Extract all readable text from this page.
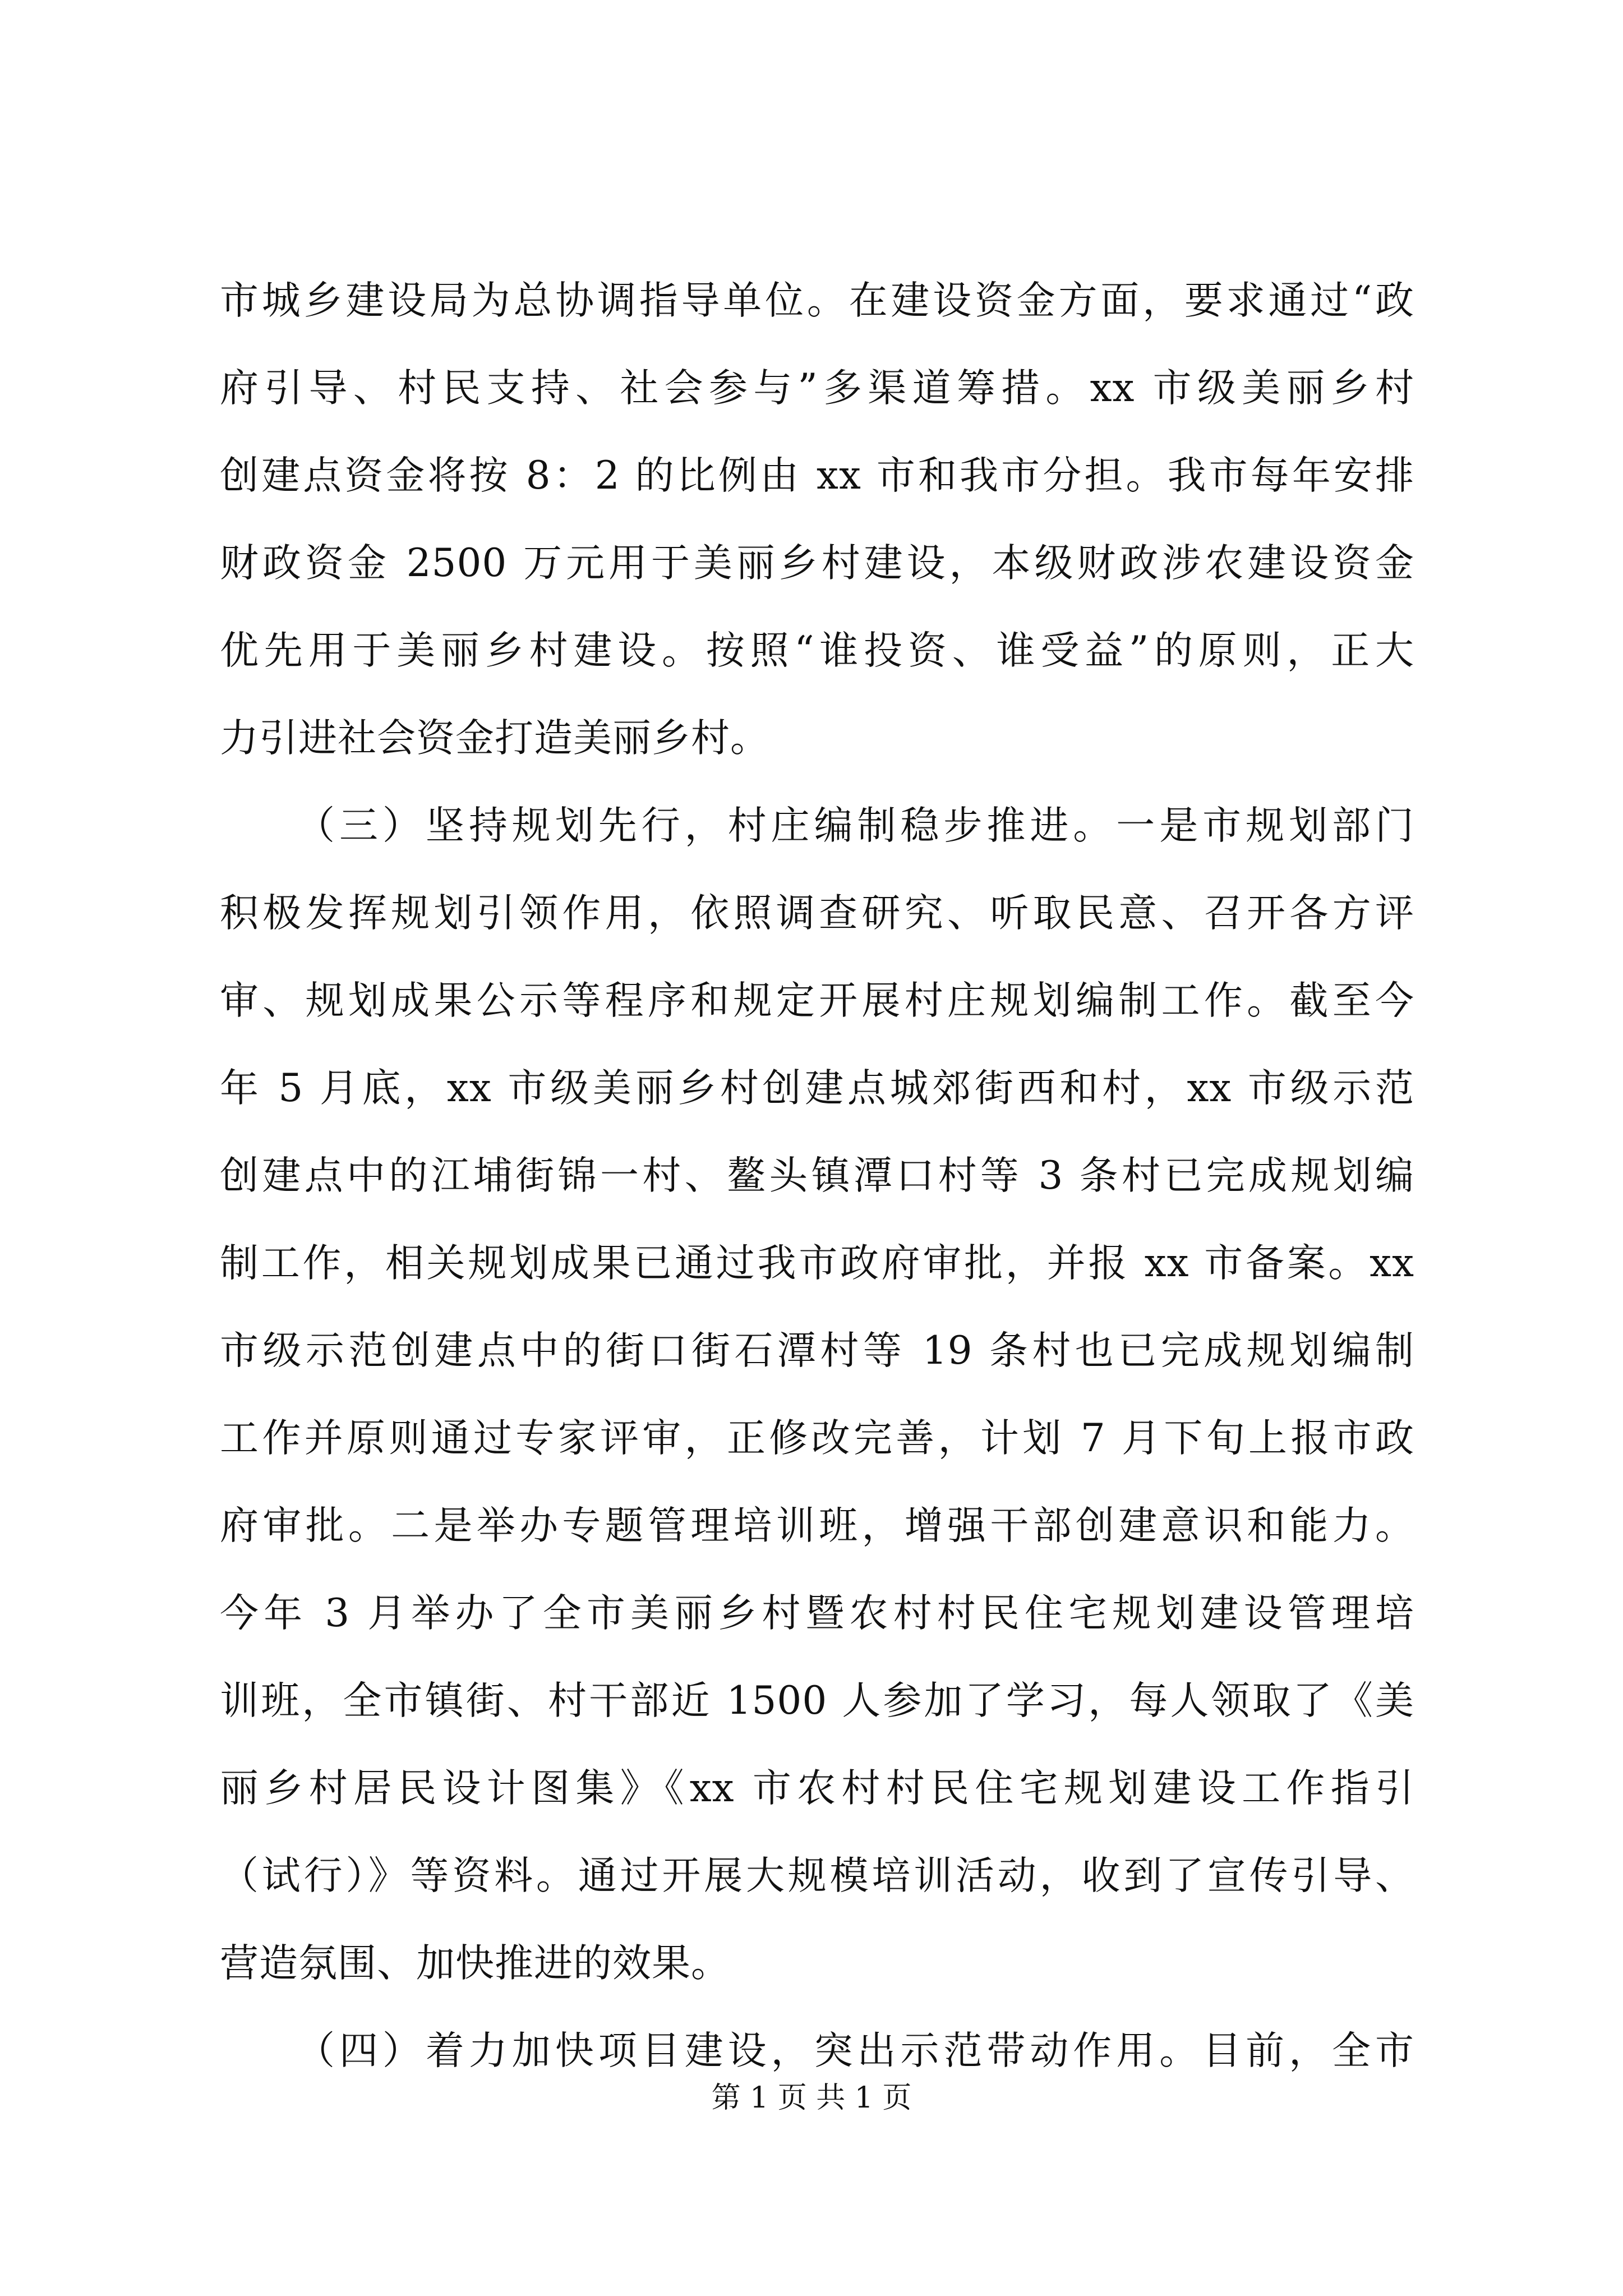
市城乡建设局为总协调指导单位。在建设资金方面，要求通过“政
府引导、村民支持、社会参与”多渠道筹措。xx 市级美丽乡村
创建点资金将按 8：2 的比例由 xx 市和我市分担。我市每年安排
财政资金 2500 万元用于美丽乡村建设，本级财政涉农建设资金
优先用于美丽乡村建设。按照“谁投资、谁受益”的原则，正大
力引进社会资金打造美丽乡村。
（三）坚持规划先行，村庄编制稳步推进。一是市规划部门
积极发挥规划引领作用，依照调查研究、听取民意、召开各方评
审、规划成果公示等程序和规定开展村庄规划编制工作。截至今
年 5 月底，xx 市级美丽乡村创建点城郊街西和村，xx 市级示范
创建点中的江埔街锦一村、鳌头镇潭口村等 3 条村已完成规划编
制工作，相关规划成果已通过我市政府审批，并报 xx 市备案。xx
市级示范创建点中的街口街石潭村等 19 条村也已完成规划编制
工作并原则通过专家评审，正修改完善，计划 7 月下旬上报市政
府审批。二是举办专题管理培训班，增强干部创建意识和能力。
今年 3 月举办了全市美丽乡村暨农村村民住宅规划建设管理培
训班，全市镇街、村干部近 1500 人参加了学习，每人领取了《美
丽乡村居民设计图集》《xx 市农村村民住宅规划建设工作指引
（试行）》等资料。通过开展大规模培训活动，收到了宣传引导、
营造氛围、加快推进的效果。
（四）着力加快项目建设，突出示范带动作用。目前，全市
第 1 页 共 1 页
